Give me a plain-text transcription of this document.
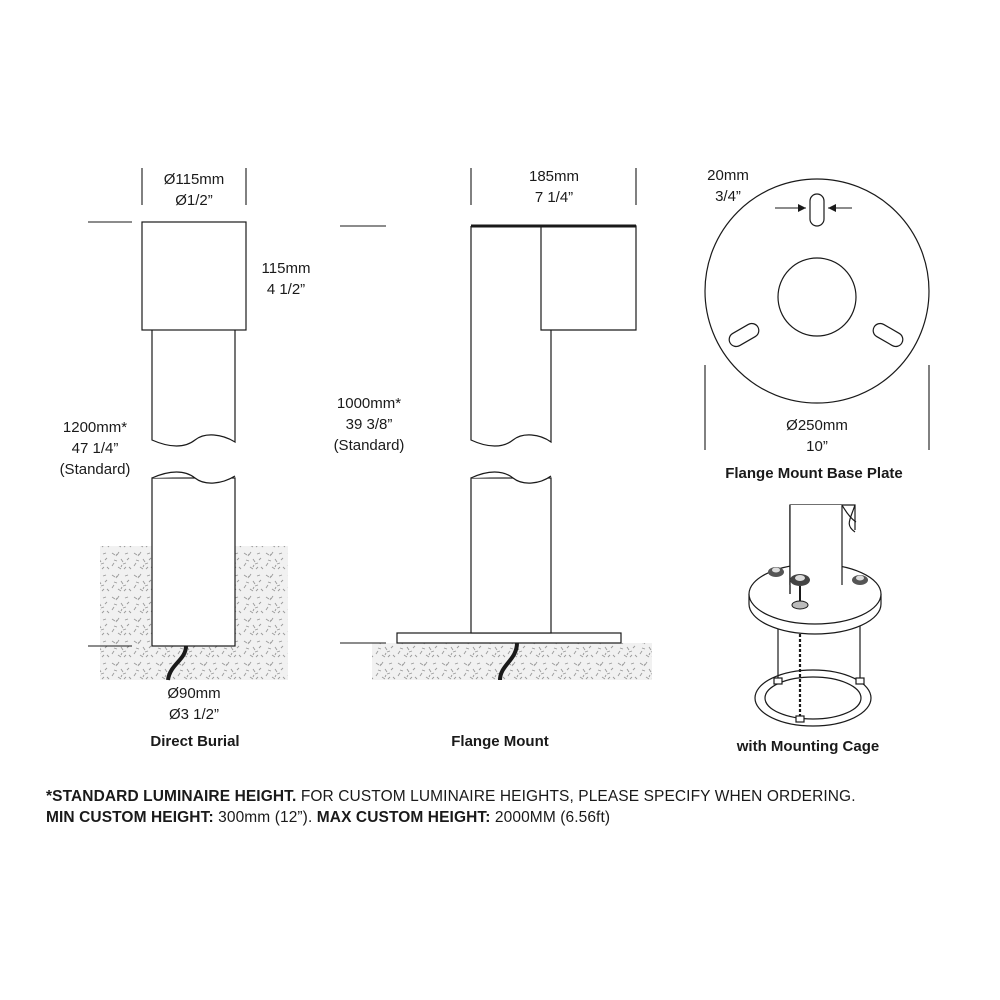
Ø115mm
Ø1/2”
115mm
4 1/2”
1200mm*
47 1/4”
(Standard)
Ø90mm
Ø3 1/2”
Direct Burial
185mm
7 1/4”
1000mm*
39 3/8”
(Standard)
Flange Mount
20mm
3/4”
Ø250mm
10”
Flange Mount Base Plate
with Mounting Cage
*STANDARD LUMINAIRE HEIGHT. FOR CUSTOM LUMINAIRE HEIGHTS, PLEASE SPECIFY WHEN ORDERING.
MIN CUSTOM HEIGHT: 300mm (12”). MAX CUSTOM HEIGHT: 2000MM (6.56ft)
